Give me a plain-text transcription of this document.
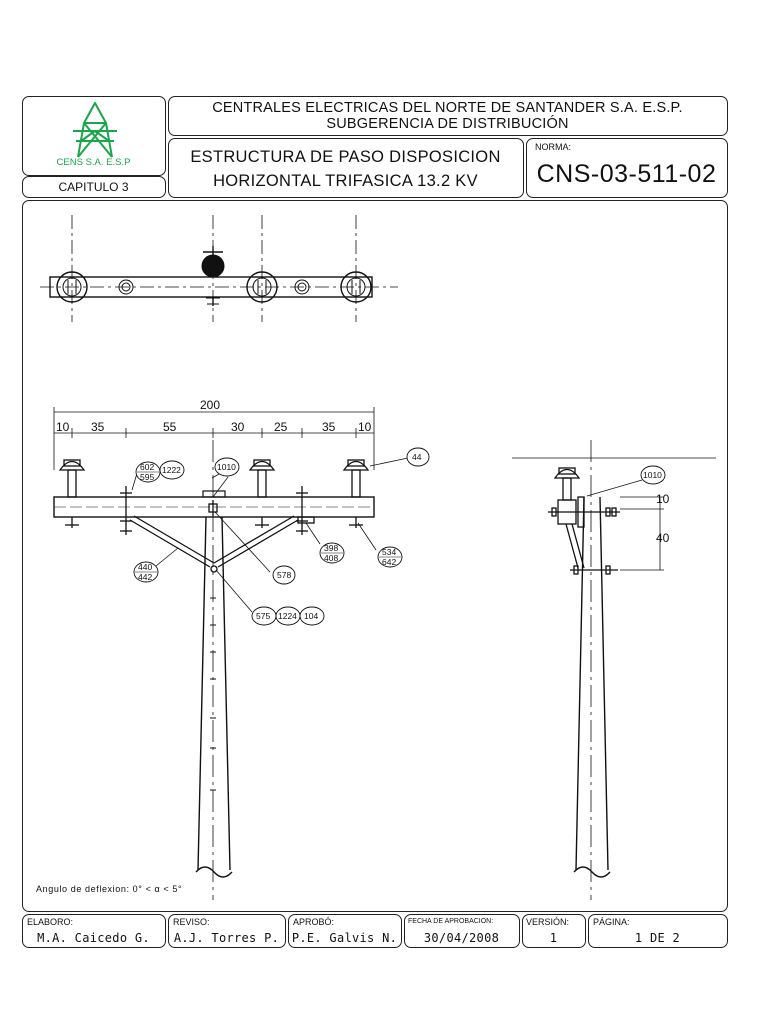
CENS S.A. E.S.P
CAPITULO 3
CENTRALES ELECTRICAS DEL NORTE DE SANTANDER S.A. E.S.P.
SUBGERENCIA DE DISTRIBUCIÓN
ESTRUCTURA DE PASO DISPOSICION
HORIZONTAL TRIFASICA 13.2 KV
NORMA:
CNS-03-511-02
200
10 35	55	30 25	35 10
10
40
44
1010
602
595
1222
578
398
408
534
642
440
442
575 1224 104
1010
Angulo de deflexion: 0° < α < 5°
ELABORO:
M.A. Caicedo G.
REVISO:
A.J. Torres P.
APROBÓ:
P.E. Galvis N.
FECHA DE APROBACION:
30/04/2008
VERSIÓN:
1
PÁGINA:
1 DE 2
